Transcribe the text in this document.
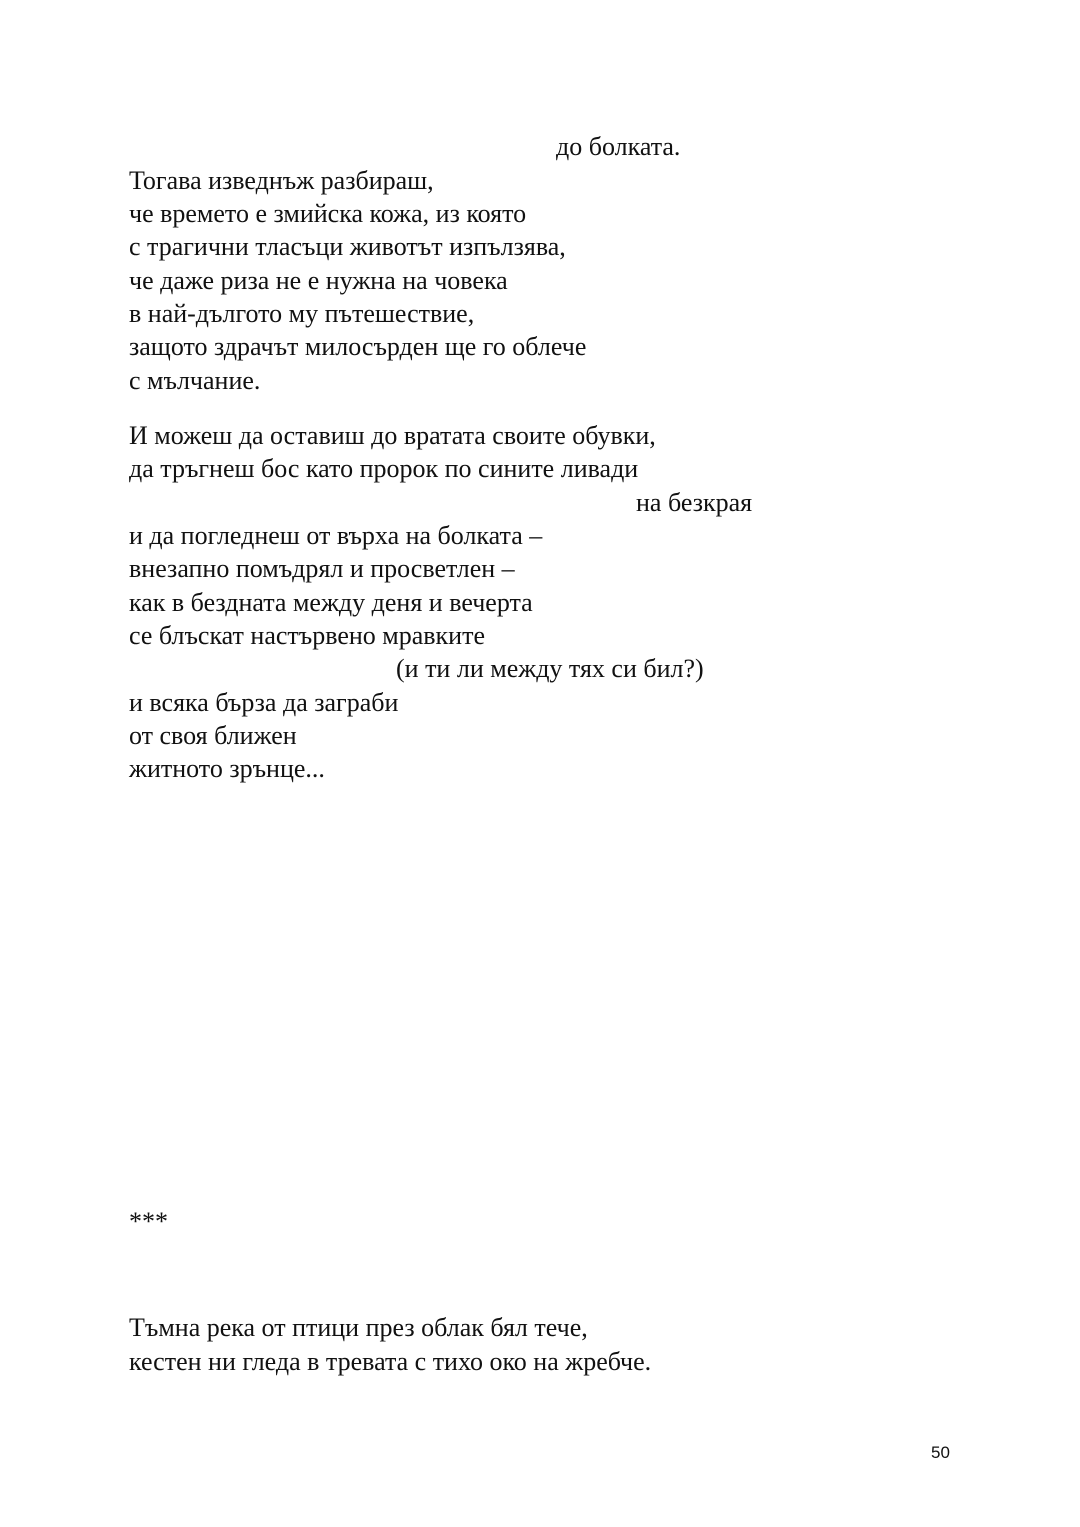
до болката.
Тогава изведнъж разбираш,
че времето е змийска кожа, из която
с трагични тласъци животът изпълзява,
че даже риза не е нужна на човека
в най-дългото му пътешествие,
защото здрачът милосърден ще го облече
с мълчание.
И можеш да оставиш до вратата своите обувки,
да тръгнеш бос като пророк по сините ливади
на безкрая
и да погледнеш от върха на болката –
внезапно помъдрял и просветлен –
как в бездната между деня и вечерта
се блъскат настървено мравките
(и ти ли между тях си бил?)
и всяка бърза да заграби
от своя ближен
житното зрънце...
***
Тъмна река от птици през облак бял тече,
кестен ни гледа в тревата с тихо око на жребче.
50
